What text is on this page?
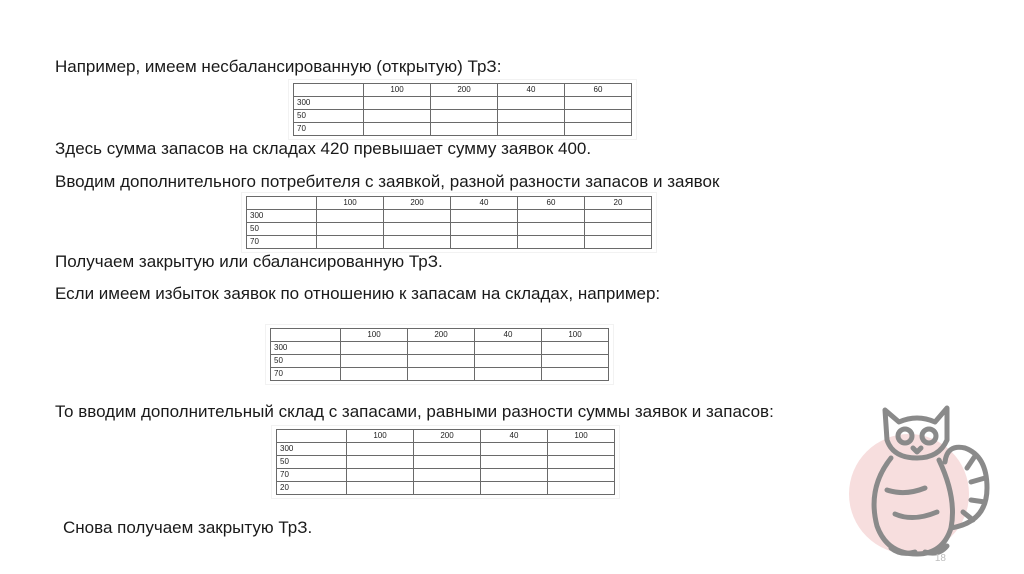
Например, имеем несбалансированную (открытую) ТрЗ:

	100	200	40	60
300				
50				
70				

Здесь сумма запасов на складах 420 превышает сумму заявок 400.

Вводим дополнительного потребителя с заявкой, разной разности запасов и заявок

	100	200	40	60	20
300					
50					
70					

Получаем закрытую или сбалансированную ТрЗ.

Если имеем избыток заявок по отношению к запасам на складах, например:

	100	200	40	100
300				
50				
70				

То вводим дополнительный склад с запасами, равными разности суммы заявок и запасов:

	100	200	40	100
300				
50				
70				
20				

Снова получаем закрытую ТрЗ.

18
